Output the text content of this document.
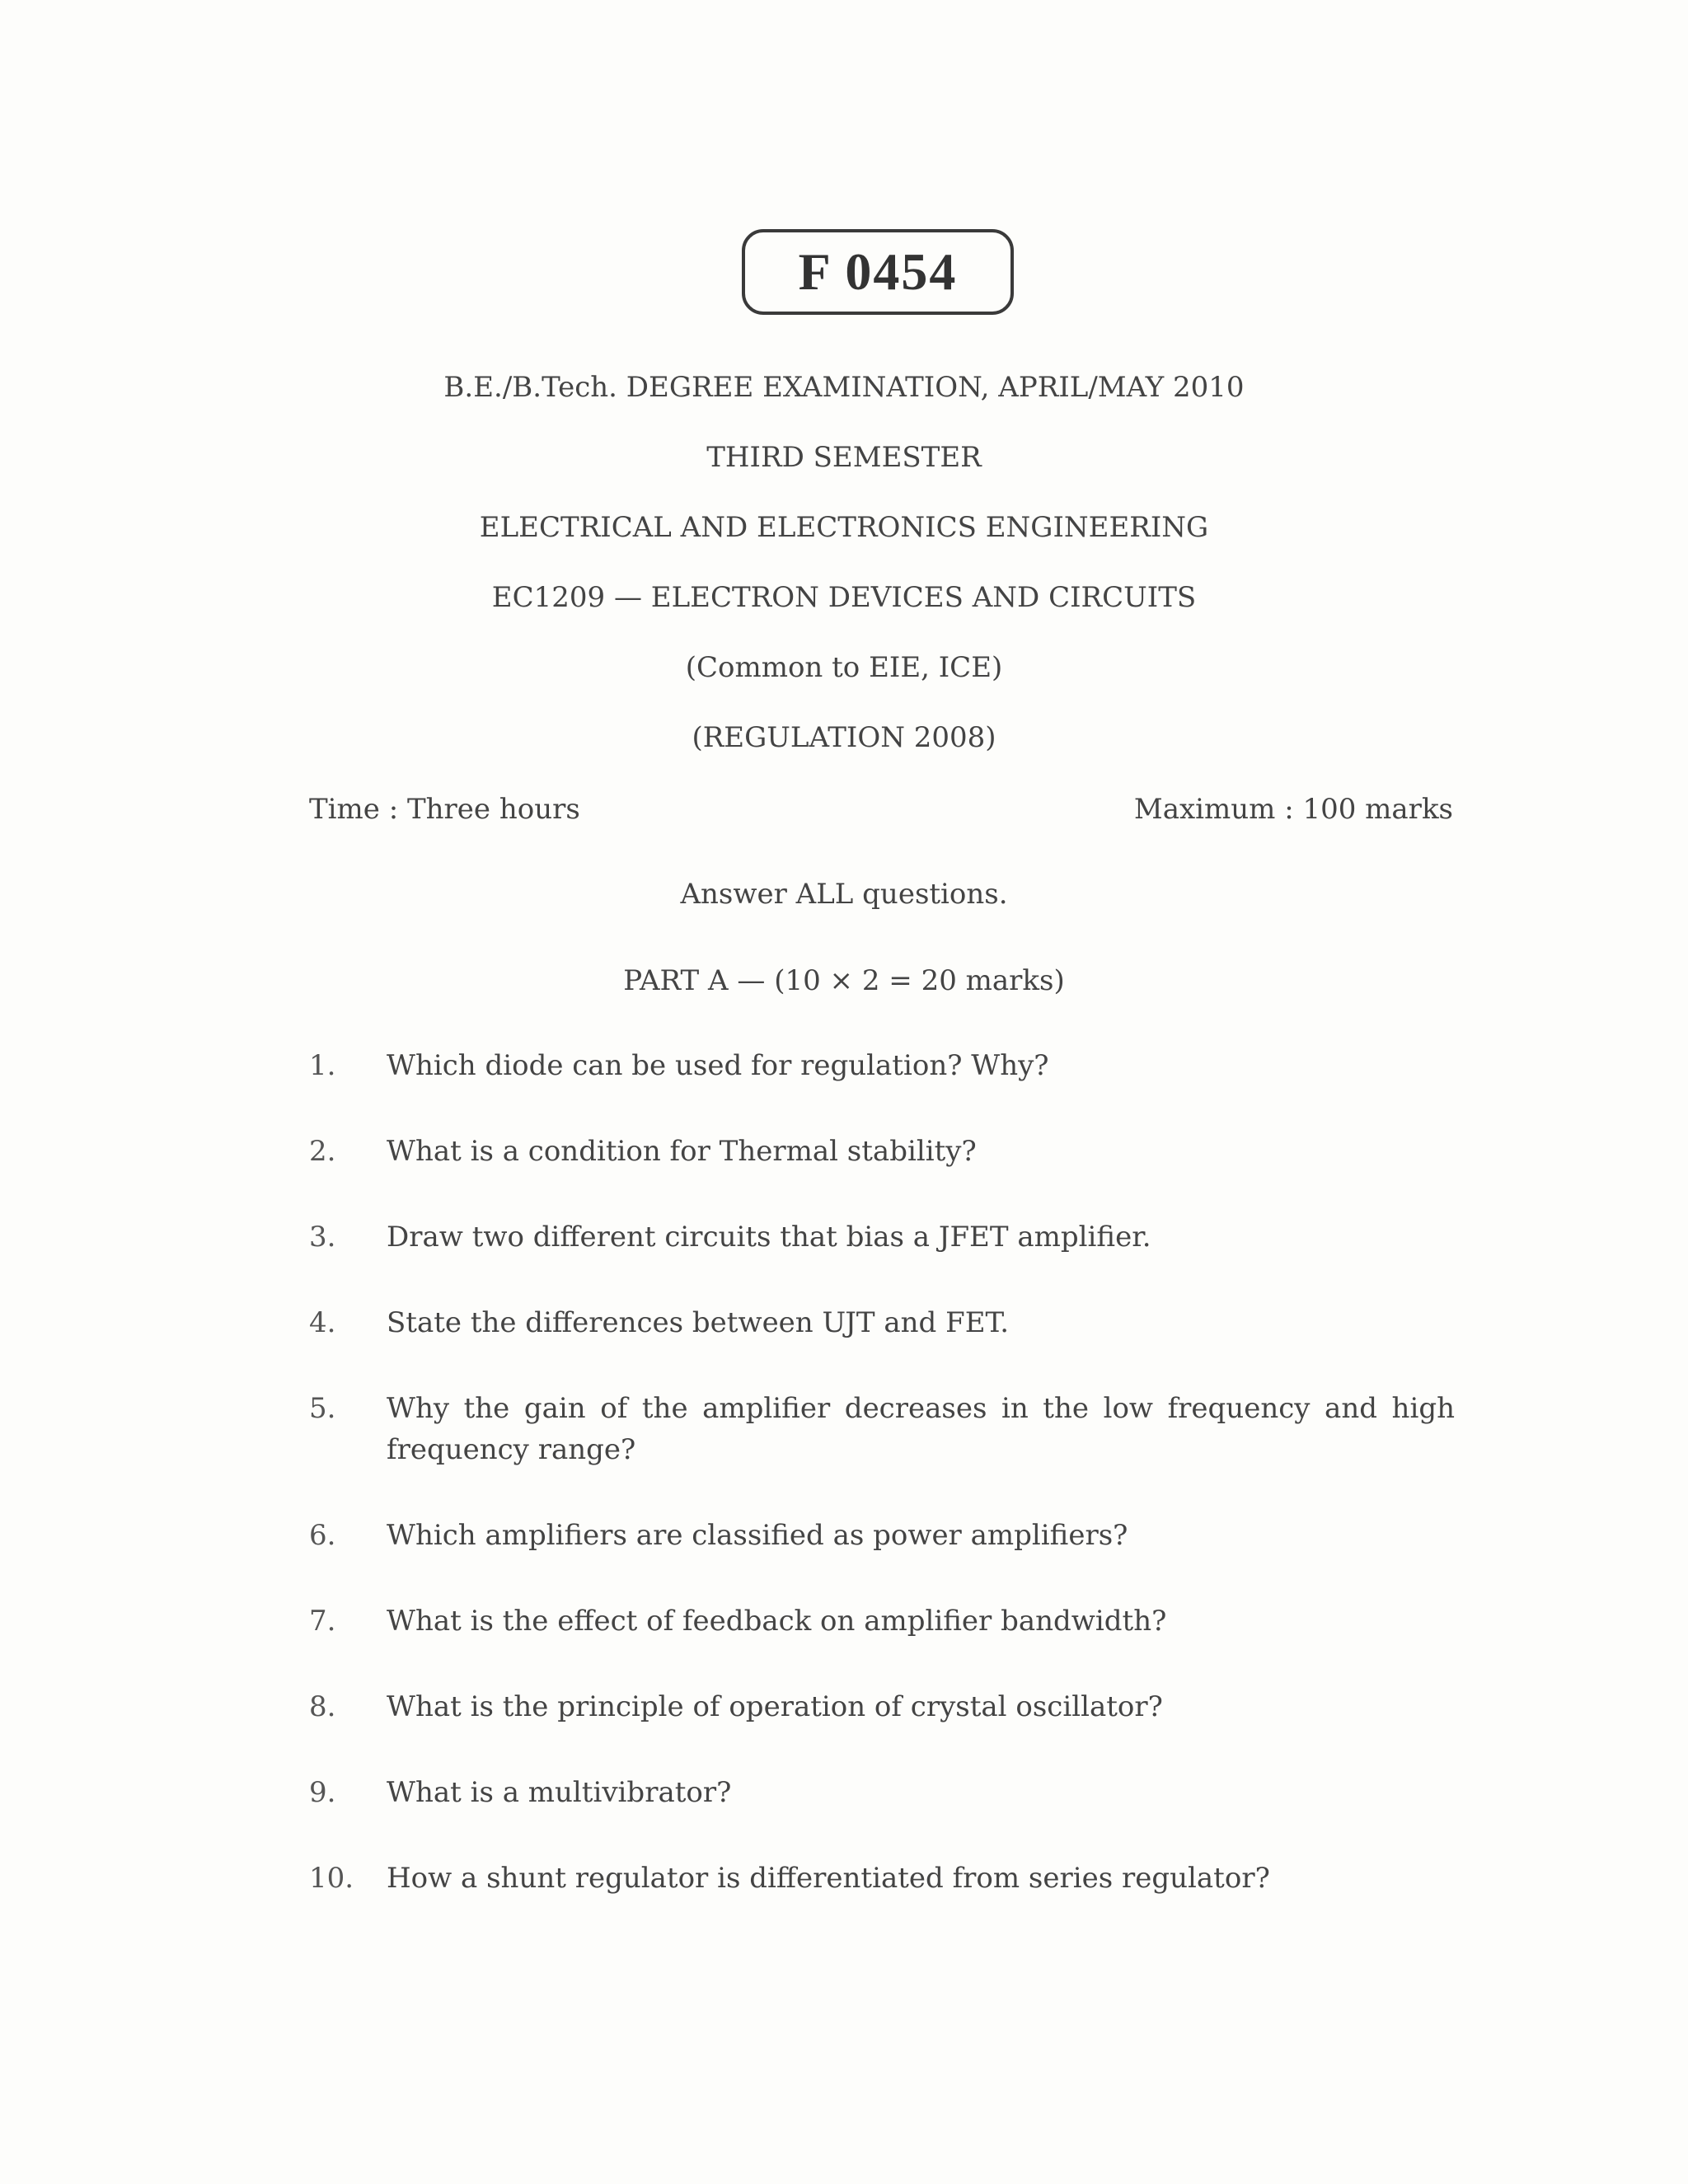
F 0454
B.E./B.Tech. DEGREE EXAMINATION, APRIL/MAY 2010
THIRD SEMESTER
ELECTRICAL AND ELECTRONICS ENGINEERING
EC1209 — ELECTRON DEVICES AND CIRCUITS
(Common to EIE, ICE)
(REGULATION 2008)
Time : Three hours	Maximum : 100 marks
Answer ALL questions.
PART A — (10 × 2 = 20 marks)
1.	Which diode can be used for regulation? Why?
2.	What is a condition for Thermal stability?
3.	Draw two different circuits that bias a JFET amplifier.
4.	State the differences between UJT and FET.
5.	Why the gain of the amplifier decreases in the low frequency and high frequency range?
6.	Which amplifiers are classified as power amplifiers?
7.	What is the effect of feedback on amplifier bandwidth?
8.	What is the principle of operation of crystal oscillator?
9.	What is a multivibrator?
10.	How a shunt regulator is differentiated from series regulator?
